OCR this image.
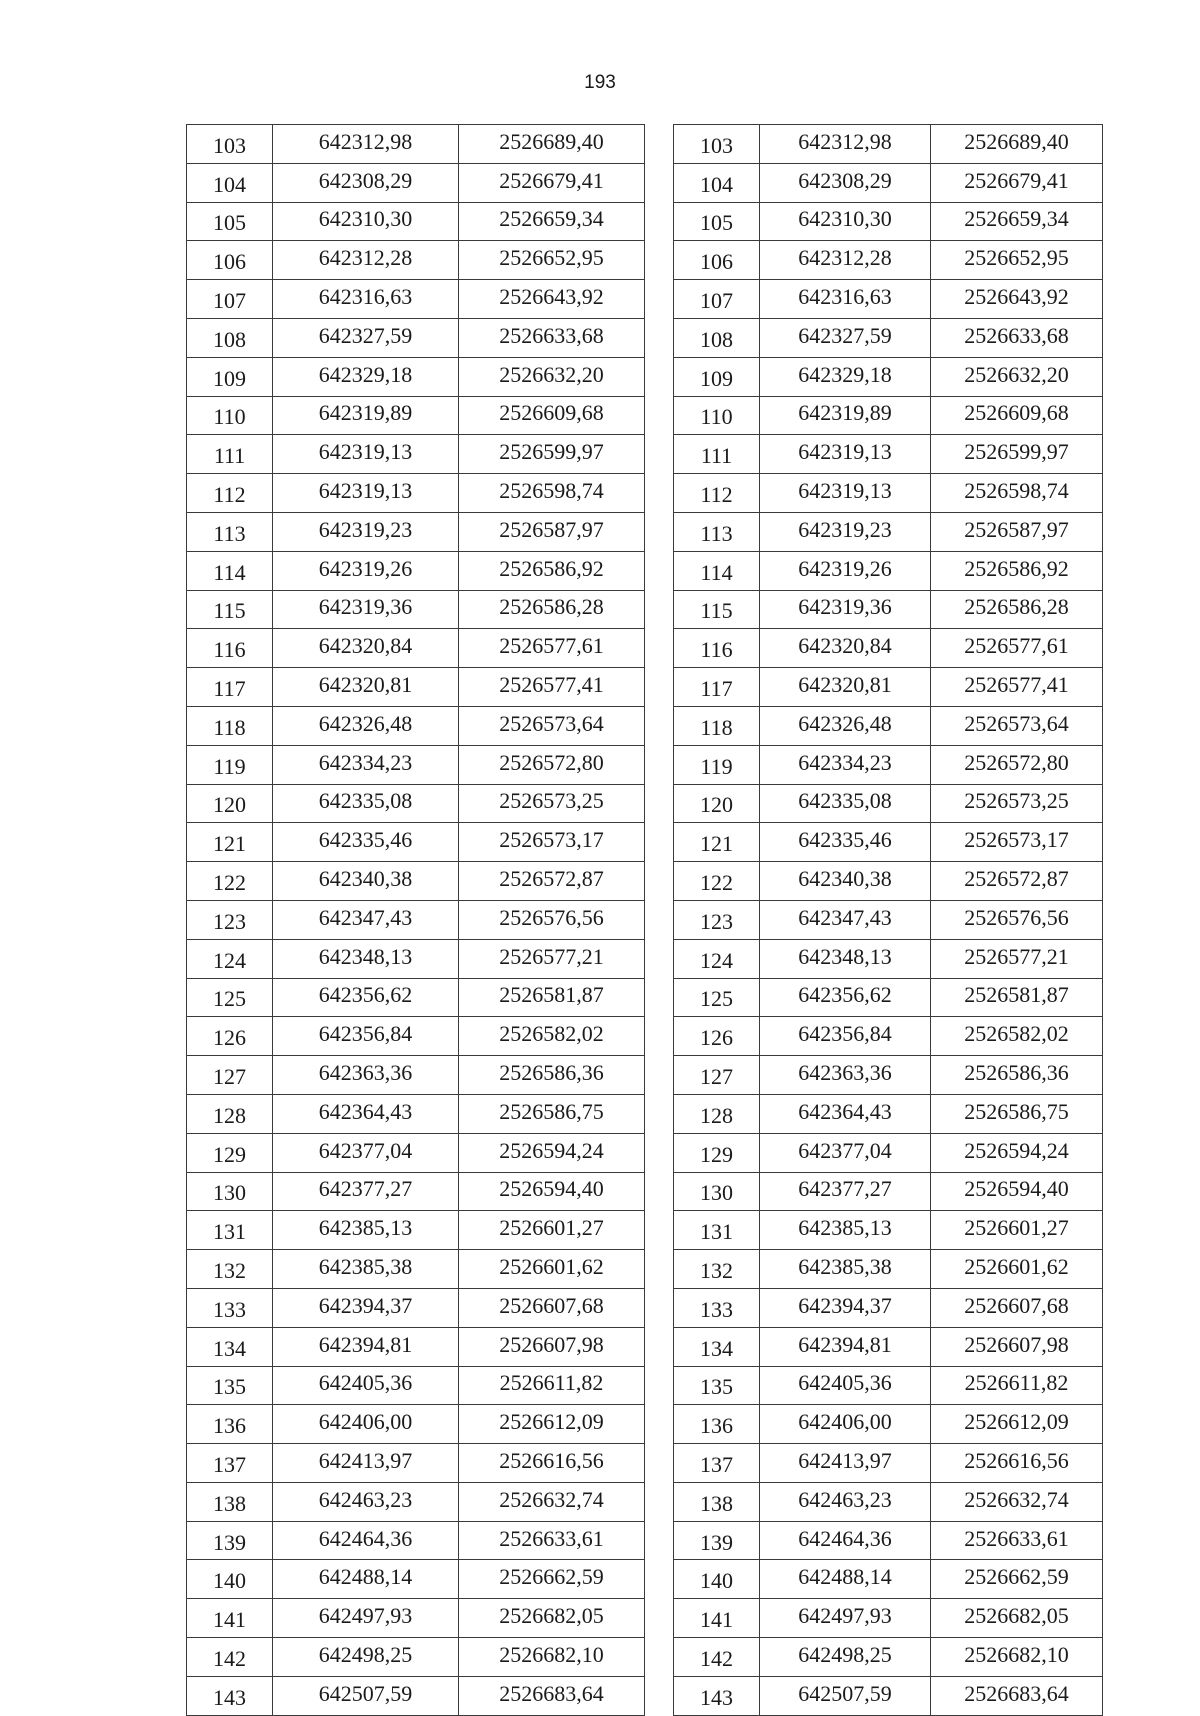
193
103	642312,98	2526689,40
104	642308,29	2526679,41
105	642310,30	2526659,34
106	642312,28	2526652,95
107	642316,63	2526643,92
108	642327,59	2526633,68
109	642329,18	2526632,20
110	642319,89	2526609,68
111	642319,13	2526599,97
112	642319,13	2526598,74
113	642319,23	2526587,97
114	642319,26	2526586,92
115	642319,36	2526586,28
116	642320,84	2526577,61
117	642320,81	2526577,41
118	642326,48	2526573,64
119	642334,23	2526572,80
120	642335,08	2526573,25
121	642335,46	2526573,17
122	642340,38	2526572,87
123	642347,43	2526576,56
124	642348,13	2526577,21
125	642356,62	2526581,87
126	642356,84	2526582,02
127	642363,36	2526586,36
128	642364,43	2526586,75
129	642377,04	2526594,24
130	642377,27	2526594,40
131	642385,13	2526601,27
132	642385,38	2526601,62
133	642394,37	2526607,68
134	642394,81	2526607,98
135	642405,36	2526611,82
136	642406,00	2526612,09
137	642413,97	2526616,56
138	642463,23	2526632,74
139	642464,36	2526633,61
140	642488,14	2526662,59
141	642497,93	2526682,05
142	642498,25	2526682,10
143	642507,59	2526683,64
103	642312,98	2526689,40
104	642308,29	2526679,41
105	642310,30	2526659,34
106	642312,28	2526652,95
107	642316,63	2526643,92
108	642327,59	2526633,68
109	642329,18	2526632,20
110	642319,89	2526609,68
111	642319,13	2526599,97
112	642319,13	2526598,74
113	642319,23	2526587,97
114	642319,26	2526586,92
115	642319,36	2526586,28
116	642320,84	2526577,61
117	642320,81	2526577,41
118	642326,48	2526573,64
119	642334,23	2526572,80
120	642335,08	2526573,25
121	642335,46	2526573,17
122	642340,38	2526572,87
123	642347,43	2526576,56
124	642348,13	2526577,21
125	642356,62	2526581,87
126	642356,84	2526582,02
127	642363,36	2526586,36
128	642364,43	2526586,75
129	642377,04	2526594,24
130	642377,27	2526594,40
131	642385,13	2526601,27
132	642385,38	2526601,62
133	642394,37	2526607,68
134	642394,81	2526607,98
135	642405,36	2526611,82
136	642406,00	2526612,09
137	642413,97	2526616,56
138	642463,23	2526632,74
139	642464,36	2526633,61
140	642488,14	2526662,59
141	642497,93	2526682,05
142	642498,25	2526682,10
143	642507,59	2526683,64
